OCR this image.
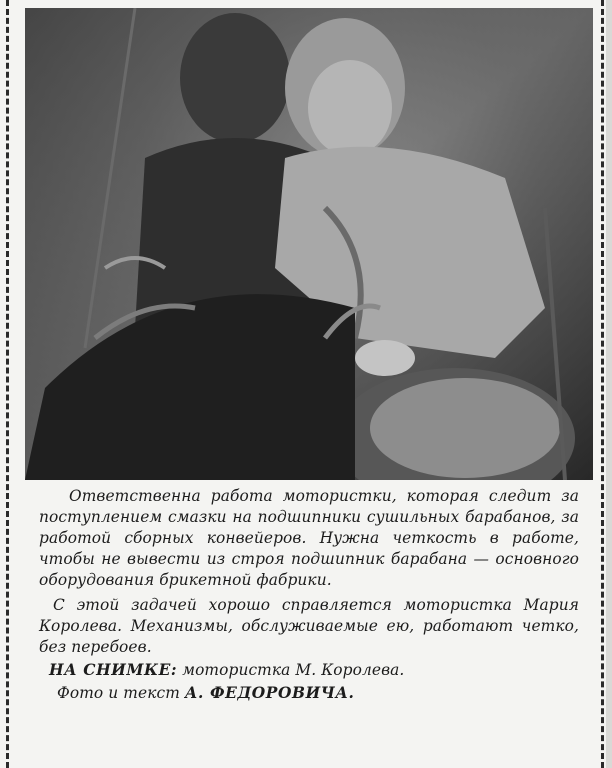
Ответственна работа мотористки, которая следит за поступлением смазки на подшипники сушильных барабанов, за работой сборных конвейеров. Нужна четкость в работе, чтобы не вывести из строя подшипник барабана — основного оборудования брикетной фабрики.

С этой задачей хорошо справляется мотористка Мария Королева. Механизмы, обслуживаемые ею, работают четко, без перебоев.

НА СНИМКЕ: мотористка М. Королева.

Фото и текст А. ФЕДОРОВИЧА.
